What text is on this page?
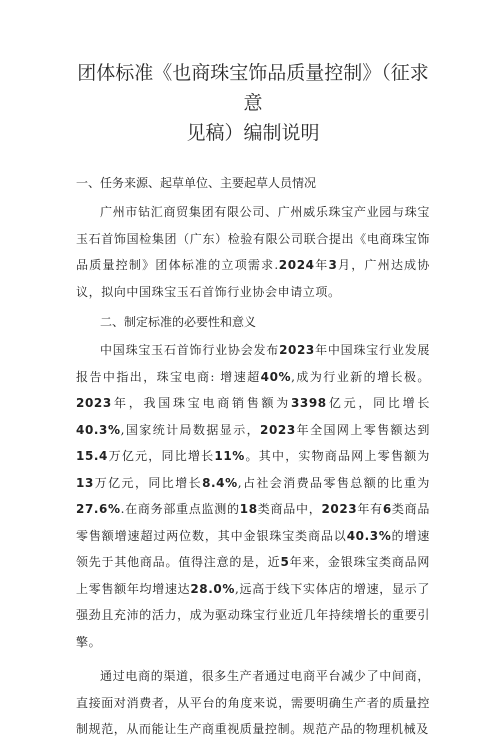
团体标准《也商珠宝饰品质量控制》（征求意
见稿）编制说明

一、任务来源、起草单位、主要起草人员情况

广州市钻汇商贸集团有限公司、广州威乐珠宝产业园与珠宝玉石首饰国检集团（广东）检验有限公司联合提出《电商珠宝饰品质量控制》团体标准的立项需求.2024年3月，广州达成协议，拟向中国珠宝玉石首饰行业协会申请立项。

二、制定标准的必要性和意义

中国珠宝玉石首饰行业协会发布2023年中国珠宝行业发展报告中指出，珠宝电商: 增速超40%,成为行业新的增长极。2023年，我国珠宝电商销售额为3398亿元，同比增长40.3%,国家统计局数据显示，2023年全国网上零售额达到15.4万亿元，同比增长11%。其中，实物商品网上零售额为13万亿元，同比增长8.4%,占社会消费品零售总额的比重为27.6%.在商务部重点监测的18类商品中，2023年有6类商品零售额增速超过两位数，其中金银珠宝类商品以40.3%的增速领先于其他商品。值得注意的是，近5年来，金银珠宝类商品网上零售额年均增速达28.0%,远高于线下实体店的增速，显示了强劲且充沛的活力，成为驱动珠宝行业近几年持续增长的重要引擎。

通过电商的渠道，很多生产者通过电商平台减少了中间商，直接面对消费者，从平台的角度来说，需要明确生产者的质量控制规范，从而能让生产商重视质量控制。规范产品的物理机械及
